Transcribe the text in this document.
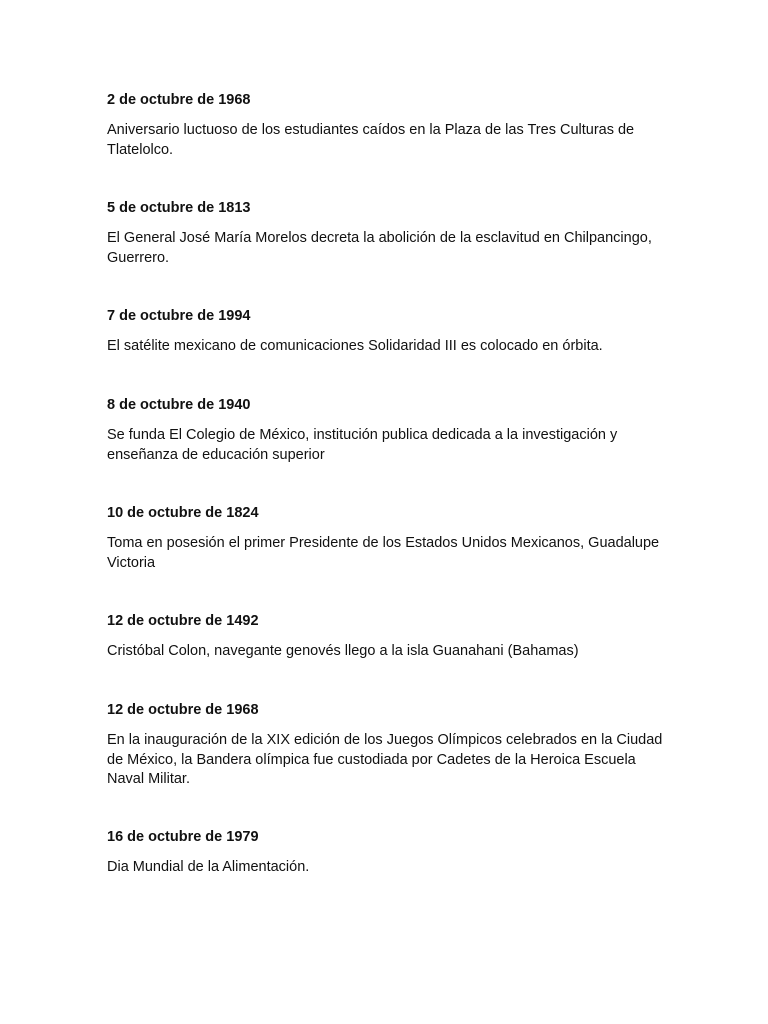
2 de octubre de 1968

Aniversario luctuoso de los estudiantes caídos en la Plaza de las Tres Culturas de Tlatelolco.

5 de octubre de 1813

El General José María Morelos decreta la abolición de la esclavitud en Chilpancingo, Guerrero.

7 de octubre de 1994

El satélite mexicano de comunicaciones Solidaridad III es colocado en órbita.

8 de octubre de 1940

Se funda El Colegio de México, institución publica dedicada a la investigación y enseñanza de educación superior

10 de octubre de 1824

Toma en posesión el primer Presidente de los Estados Unidos Mexicanos, Guadalupe Victoria

12 de octubre de 1492

Cristóbal Colon, navegante genovés llego a la isla Guanahani (Bahamas)

12 de octubre de 1968

En la inauguración de la XIX edición de los Juegos Olímpicos celebrados en la Ciudad de México, la Bandera olímpica fue custodiada por Cadetes de la Heroica Escuela Naval Militar.

16 de octubre de 1979

Dia Mundial de la Alimentación.
